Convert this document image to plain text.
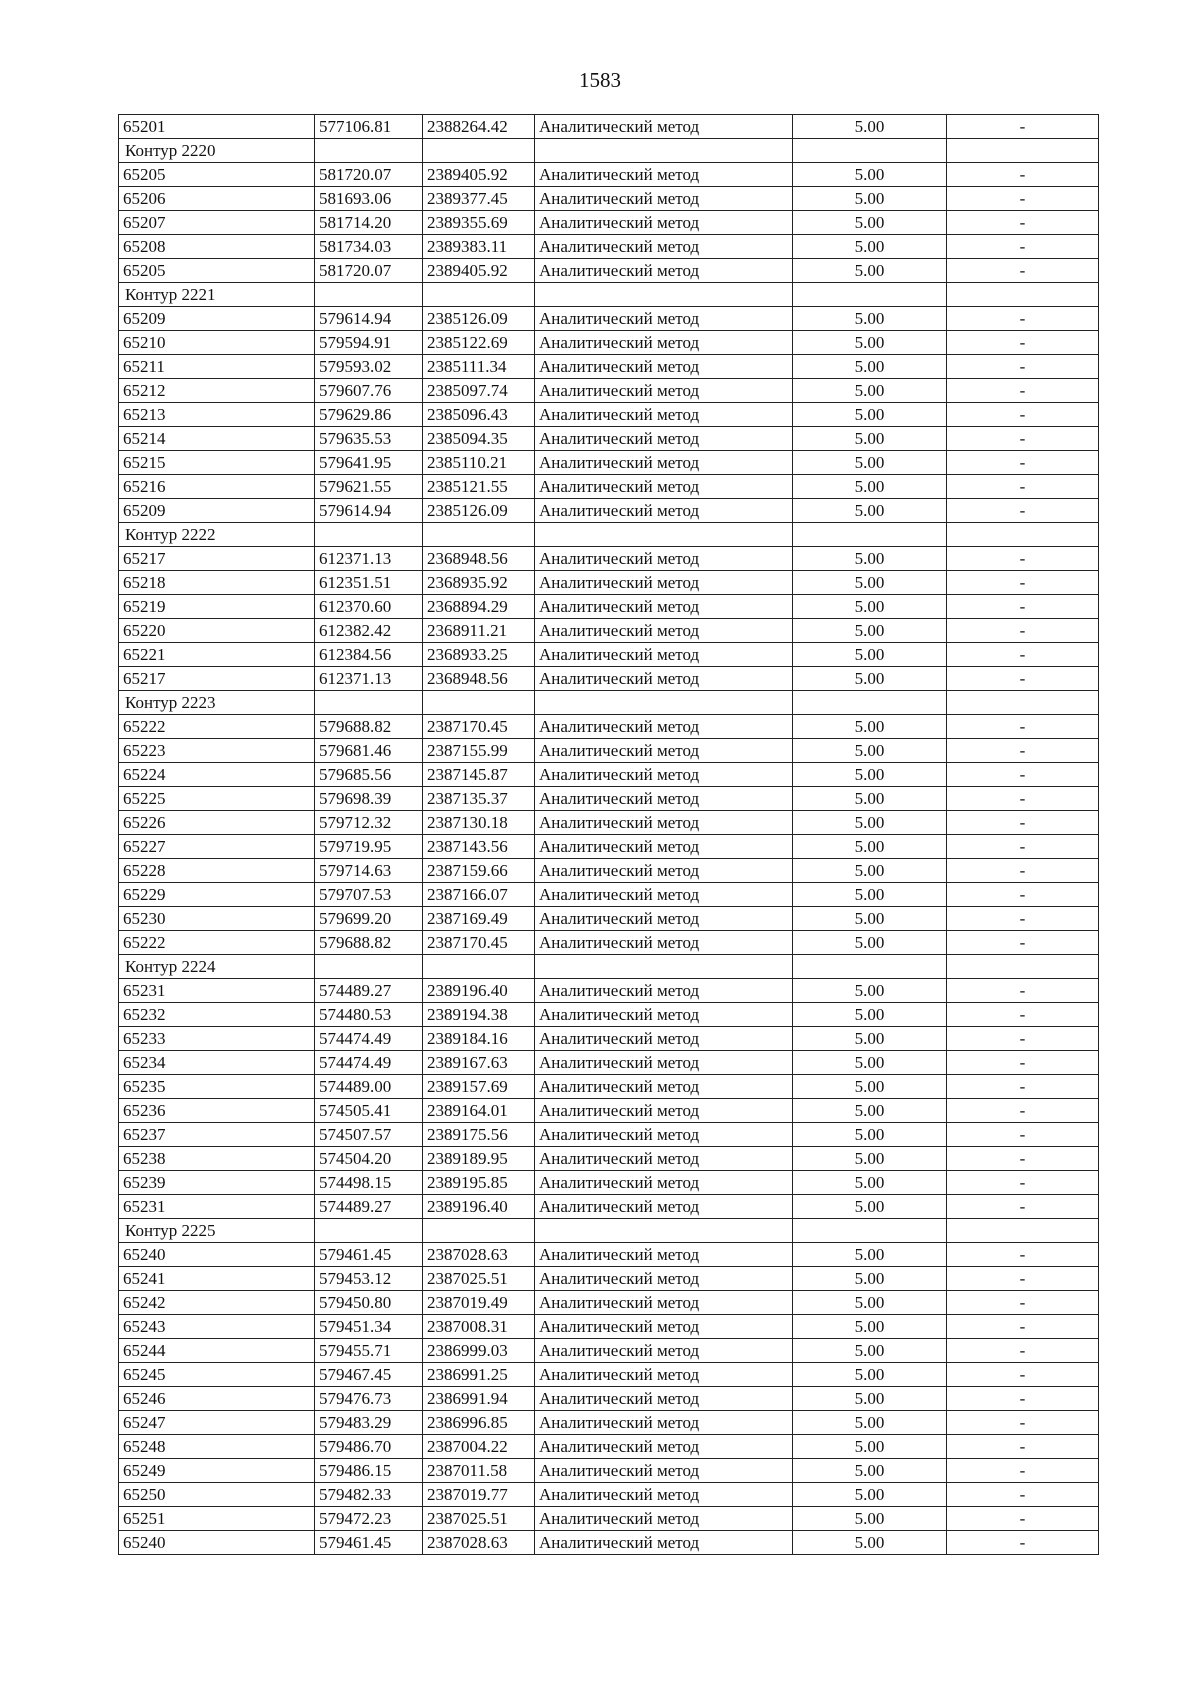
1583
65201	577106.81	2388264.42	Аналитический метод	5.00	-
Контур 2220					
65205	581720.07	2389405.92	Аналитический метод	5.00	-
65206	581693.06	2389377.45	Аналитический метод	5.00	-
65207	581714.20	2389355.69	Аналитический метод	5.00	-
65208	581734.03	2389383.11	Аналитический метод	5.00	-
65205	581720.07	2389405.92	Аналитический метод	5.00	-
Контур 2221					
65209	579614.94	2385126.09	Аналитический метод	5.00	-
65210	579594.91	2385122.69	Аналитический метод	5.00	-
65211	579593.02	2385111.34	Аналитический метод	5.00	-
65212	579607.76	2385097.74	Аналитический метод	5.00	-
65213	579629.86	2385096.43	Аналитический метод	5.00	-
65214	579635.53	2385094.35	Аналитический метод	5.00	-
65215	579641.95	2385110.21	Аналитический метод	5.00	-
65216	579621.55	2385121.55	Аналитический метод	5.00	-
65209	579614.94	2385126.09	Аналитический метод	5.00	-
Контур 2222					
65217	612371.13	2368948.56	Аналитический метод	5.00	-
65218	612351.51	2368935.92	Аналитический метод	5.00	-
65219	612370.60	2368894.29	Аналитический метод	5.00	-
65220	612382.42	2368911.21	Аналитический метод	5.00	-
65221	612384.56	2368933.25	Аналитический метод	5.00	-
65217	612371.13	2368948.56	Аналитический метод	5.00	-
Контур 2223					
65222	579688.82	2387170.45	Аналитический метод	5.00	-
65223	579681.46	2387155.99	Аналитический метод	5.00	-
65224	579685.56	2387145.87	Аналитический метод	5.00	-
65225	579698.39	2387135.37	Аналитический метод	5.00	-
65226	579712.32	2387130.18	Аналитический метод	5.00	-
65227	579719.95	2387143.56	Аналитический метод	5.00	-
65228	579714.63	2387159.66	Аналитический метод	5.00	-
65229	579707.53	2387166.07	Аналитический метод	5.00	-
65230	579699.20	2387169.49	Аналитический метод	5.00	-
65222	579688.82	2387170.45	Аналитический метод	5.00	-
Контур 2224					
65231	574489.27	2389196.40	Аналитический метод	5.00	-
65232	574480.53	2389194.38	Аналитический метод	5.00	-
65233	574474.49	2389184.16	Аналитический метод	5.00	-
65234	574474.49	2389167.63	Аналитический метод	5.00	-
65235	574489.00	2389157.69	Аналитический метод	5.00	-
65236	574505.41	2389164.01	Аналитический метод	5.00	-
65237	574507.57	2389175.56	Аналитический метод	5.00	-
65238	574504.20	2389189.95	Аналитический метод	5.00	-
65239	574498.15	2389195.85	Аналитический метод	5.00	-
65231	574489.27	2389196.40	Аналитический метод	5.00	-
Контур 2225					
65240	579461.45	2387028.63	Аналитический метод	5.00	-
65241	579453.12	2387025.51	Аналитический метод	5.00	-
65242	579450.80	2387019.49	Аналитический метод	5.00	-
65243	579451.34	2387008.31	Аналитический метод	5.00	-
65244	579455.71	2386999.03	Аналитический метод	5.00	-
65245	579467.45	2386991.25	Аналитический метод	5.00	-
65246	579476.73	2386991.94	Аналитический метод	5.00	-
65247	579483.29	2386996.85	Аналитический метод	5.00	-
65248	579486.70	2387004.22	Аналитический метод	5.00	-
65249	579486.15	2387011.58	Аналитический метод	5.00	-
65250	579482.33	2387019.77	Аналитический метод	5.00	-
65251	579472.23	2387025.51	Аналитический метод	5.00	-
65240	579461.45	2387028.63	Аналитический метод	5.00	-
